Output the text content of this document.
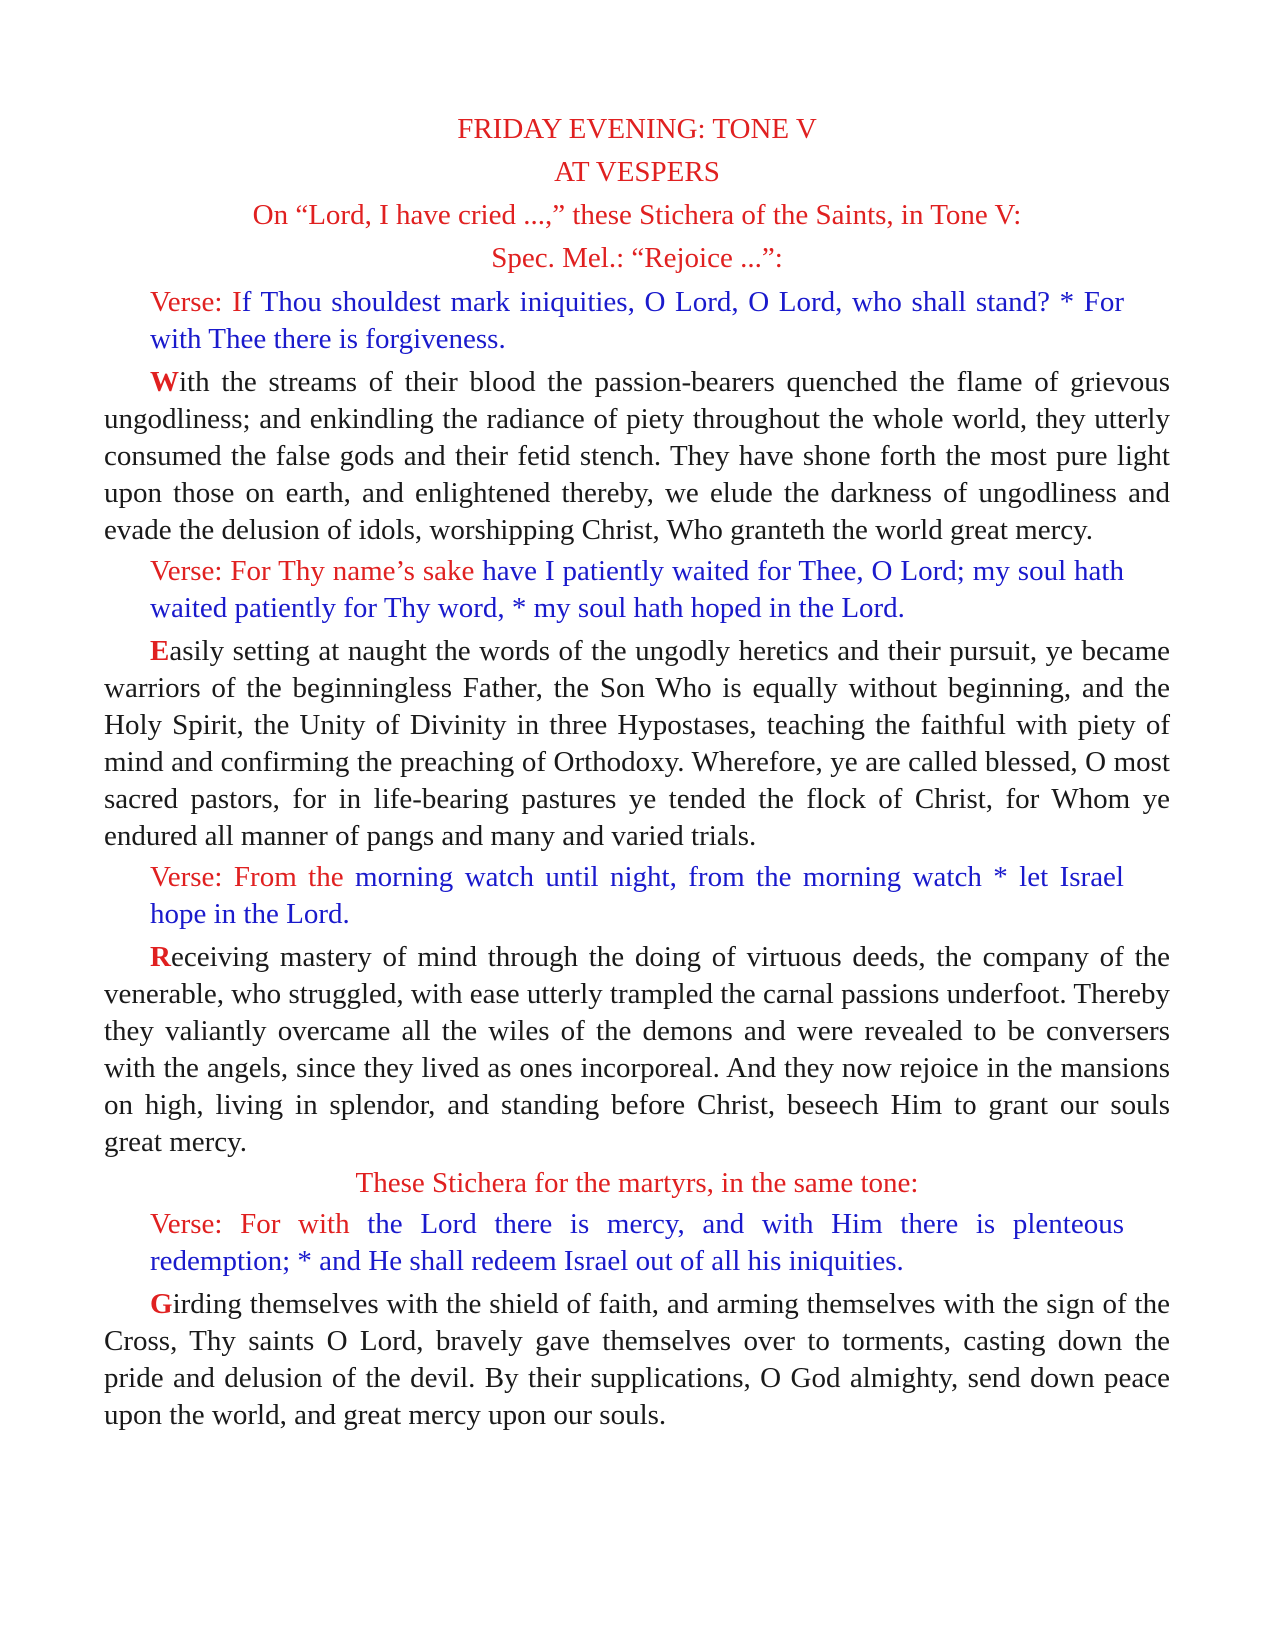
FRIDAY EVENING: TONE V
AT VESPERS
On “Lord, I have cried ...,” these Stichera of the Saints, in Tone V:
Spec. Mel.: “Rejoice ...”:
Verse: If Thou shouldest mark iniquities, O Lord, O Lord, who shall stand? * For with Thee there is forgiveness.

With the streams of their blood the passion-bearers quenched the flame of grievous ungodliness; and enkindling the radiance of piety throughout the whole world, they utterly consumed the false gods and their fetid stench. They have shone forth the most pure light upon those on earth, and enlightened thereby, we elude the darkness of ungodliness and evade the delusion of idols, worshipping Christ, Who granteth the world great mercy.

Verse: For Thy name’s sake have I patiently waited for Thee, O Lord; my soul hath waited patiently for Thy word, * my soul hath hoped in the Lord.

Easily setting at naught the words of the ungodly heretics and their pursuit, ye became warriors of the beginningless Father, the Son Who is equally without beginning, and the Holy Spirit, the Unity of Divinity in three Hypostases, teaching the faithful with piety of mind and confirming the preaching of Orthodoxy. Wherefore, ye are called blessed, O most sacred pastors, for in life-bearing pastures ye tended the flock of Christ, for Whom ye endured all manner of pangs and many and varied trials.

Verse: From the morning watch until night, from the morning watch * let Israel hope in the Lord.

Receiving mastery of mind through the doing of virtuous deeds, the company of the venerable, who struggled, with ease utterly trampled the carnal passions underfoot. Thereby they valiantly overcame all the wiles of the demons and were revealed to be conversers with the angels, since they lived as ones incorporeal. And they now rejoice in the mansions on high, living in splendor, and standing before Christ, beseech Him to grant our souls great mercy.

These Stichera for the martyrs, in the same tone:
Verse: For with the Lord there is mercy, and with Him there is plenteous redemption; * and He shall redeem Israel out of all his iniquities.

Girding themselves with the shield of faith, and arming themselves with the sign of the Cross, Thy saints O Lord, bravely gave themselves over to torments, casting down the pride and delusion of the devil. By their supplications, O God almighty, send down peace upon the world, and great mercy upon our souls.
